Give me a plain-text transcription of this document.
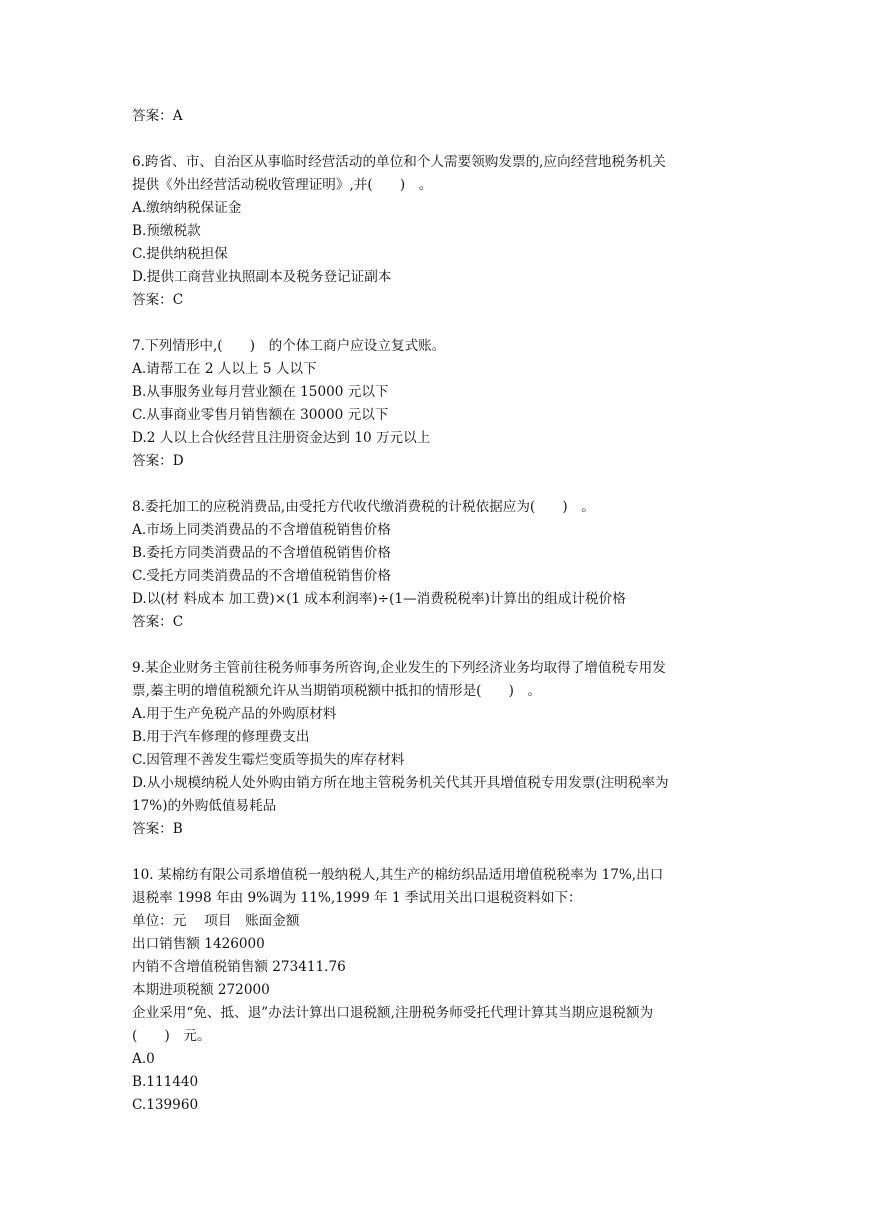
答案：A
6.跨省、市、自治区从事临时经营活动的单位和个人需要领购发票的,应向经营地税务机关
提供《外出经营活动税收管理证明》,并(　　)　。
A.缴纳纳税保证金
B.预缴税款
C.提供纳税担保
D.提供工商营业执照副本及税务登记证副本
答案：C
7.下列情形中,(　　)　的个体工商户应设立复式账。
A.请帮工在 2 人以上 5 人以下
B.从事服务业每月营业额在 15000 元以下
C.从事商业零售月销售额在 30000 元以下
D.2 人以上合伙经营且注册资金达到 10 万元以上
答案：D
8.委托加工的应税消费品,由受托方代收代缴消费税的计税依据应为(　　)　。
A.市场上同类消费品的不含增值税销售价格
B.委托方同类消费品的不含增值税销售价格
C.受托方同类消费品的不含增值税销售价格
D.以(材 料成本 加工费)×(1 成本利润率)÷(1—消费税税率)计算出的组成计税价格
答案：C
9.某企业财务主管前往税务师事务所咨询,企业发生的下列经济业务均取得了增值税专用发
票,蓁主明的增值税额允许从当期销项税额中抵扣的情形是(　　)　。
A.用于生产免税产品的外购原材料
B.用于汽车修理的修理费支出
C.因管理不善发生霉烂变质等损失的库存材料
D.从小规模纳税人处外购由销方所在地主管税务机关代其开具增值税专用发票(注明税率为
17%)的外购低值易耗品
答案：B
10. 某棉纺有限公司系增值税一般纳税人,其生产的棉纺织品适用增值税税率为 17%,出口
退税率 1998 年由 9%调为 11%,1999 年 1 季试用关出口退税资料如下：
单位：元　 项目　账面金额
出口销售额 1426000
内销不含增值税销售额 273411.76
本期进项税额 272000
企业采用“免、抵、退”办法计算出口退税额,注册税务师受托代理计算其当期应退税额为
(　　)　元。
A.0
B.111440
C.139960
